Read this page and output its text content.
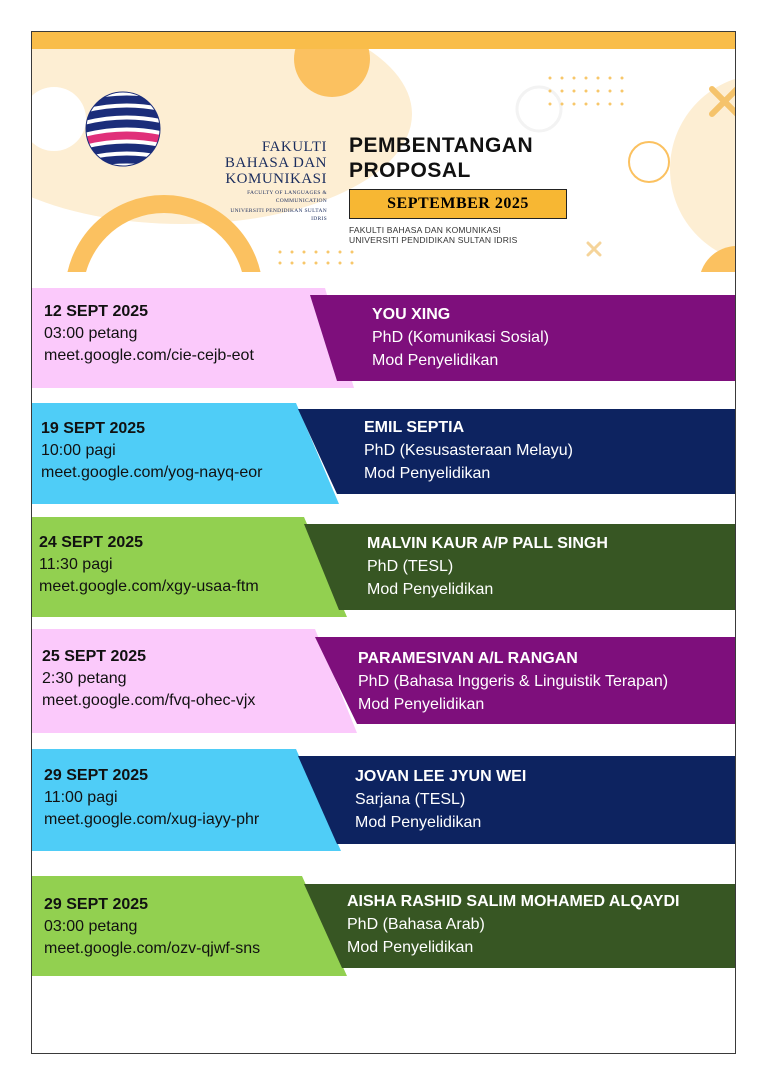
FAKULTI
BAHASA DAN
KOMUNIKASI
FACULTY OF LANGUAGES & COMMUNICATION
UNIVERSITI PENDIDIKAN SULTAN IDRIS
PEMBENTANGAN
PROPOSAL
SEPTEMBER 2025
FAKULTI BAHASA DAN KOMUNIKASI
UNIVERSITI PENDIDIKAN SULTAN IDRIS
12 SEPT 2025
03:00 petang
meet.google.com/cie-cejb-eot
YOU XING
PhD (Komunikasi Sosial)
Mod Penyelidikan
19 SEPT 2025
10:00 pagi
meet.google.com/yog-nayq-eor
EMIL SEPTIA
PhD (Kesusasteraan Melayu)
Mod Penyelidikan
24 SEPT 2025
11:30 pagi
meet.google.com/xgy-usaa-ftm
MALVIN KAUR A/P PALL SINGH
PhD (TESL)
Mod Penyelidikan
25 SEPT 2025
2:30 petang
meet.google.com/fvq-ohec-vjx
PARAMESIVAN A/L RANGAN
PhD (Bahasa Inggeris & Linguistik Terapan)
Mod Penyelidikan
29 SEPT 2025
11:00 pagi
meet.google.com/xug-iayy-phr
JOVAN LEE JYUN WEI
Sarjana (TESL)
Mod Penyelidikan
29 SEPT 2025
03:00 petang
meet.google.com/ozv-qjwf-sns
AISHA RASHID SALIM MOHAMED ALQAYDI
PhD (Bahasa Arab)
Mod Penyelidikan
